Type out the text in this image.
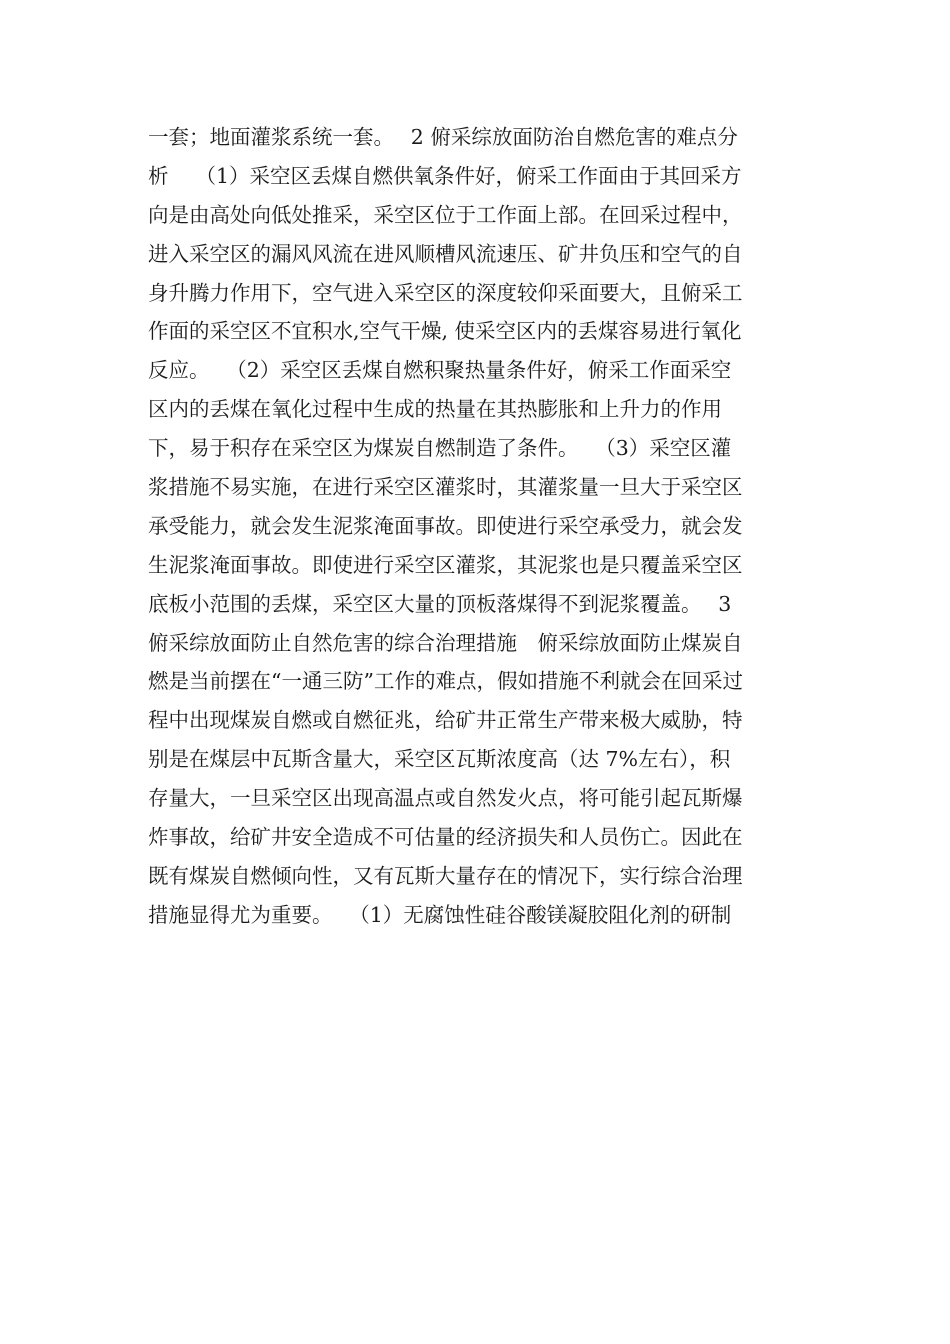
一套；地面灌浆系统一套。　 2 俯采综放面防治自燃危害的难点分
析　 （1）采空区丢煤自燃供氧条件好，俯采工作面由于其回采方
向是由高处向低处推采，采空区位于工作面上部。在回采过程中，
进入采空区的漏风风流在进风顺槽风流速压、矿井负压和空气的自
身升腾力作用下，空气进入采空区的深度较仰采面要大，且俯采工
作面的采空区不宜积水,空气干燥, 使采空区内的丢煤容易进行氧化
反应。　 （2）采空区丢煤自燃积聚热量条件好，俯采工作面采空
区内的丢煤在氧化过程中生成的热量在其热膨胀和上升力的作用
下，易于积存在采空区为煤炭自燃制造了条件。　 （3）采空区灌
浆措施不易实施，在进行采空区灌浆时，其灌浆量一旦大于采空区
承受能力，就会发生泥浆淹面事故。即使进行采空承受力，就会发
生泥浆淹面事故。即使进行采空区灌浆，其泥浆也是只覆盖采空区
底板小范围的丢煤，采空区大量的顶板落煤得不到泥浆覆盖。　 3
俯采综放面防止自然危害的综合治理措施　俯采综放面防止煤炭自
燃是当前摆在“一通三防”工作的难点，假如措施不利就会在回采过
程中出现煤炭自燃或自燃征兆，给矿井正常生产带来极大威胁，特
别是在煤层中瓦斯含量大，采空区瓦斯浓度高（达 7%左右），积
存量大，一旦采空区出现高温点或自然发火点，将可能引起瓦斯爆
炸事故，给矿井安全造成不可估量的经济损失和人员伤亡。因此在
既有煤炭自燃倾向性，又有瓦斯大量存在的情况下，实行综合治理
措施显得尤为重要。　 （1）无腐蚀性硅谷酸镁凝胶阻化剂的研制
